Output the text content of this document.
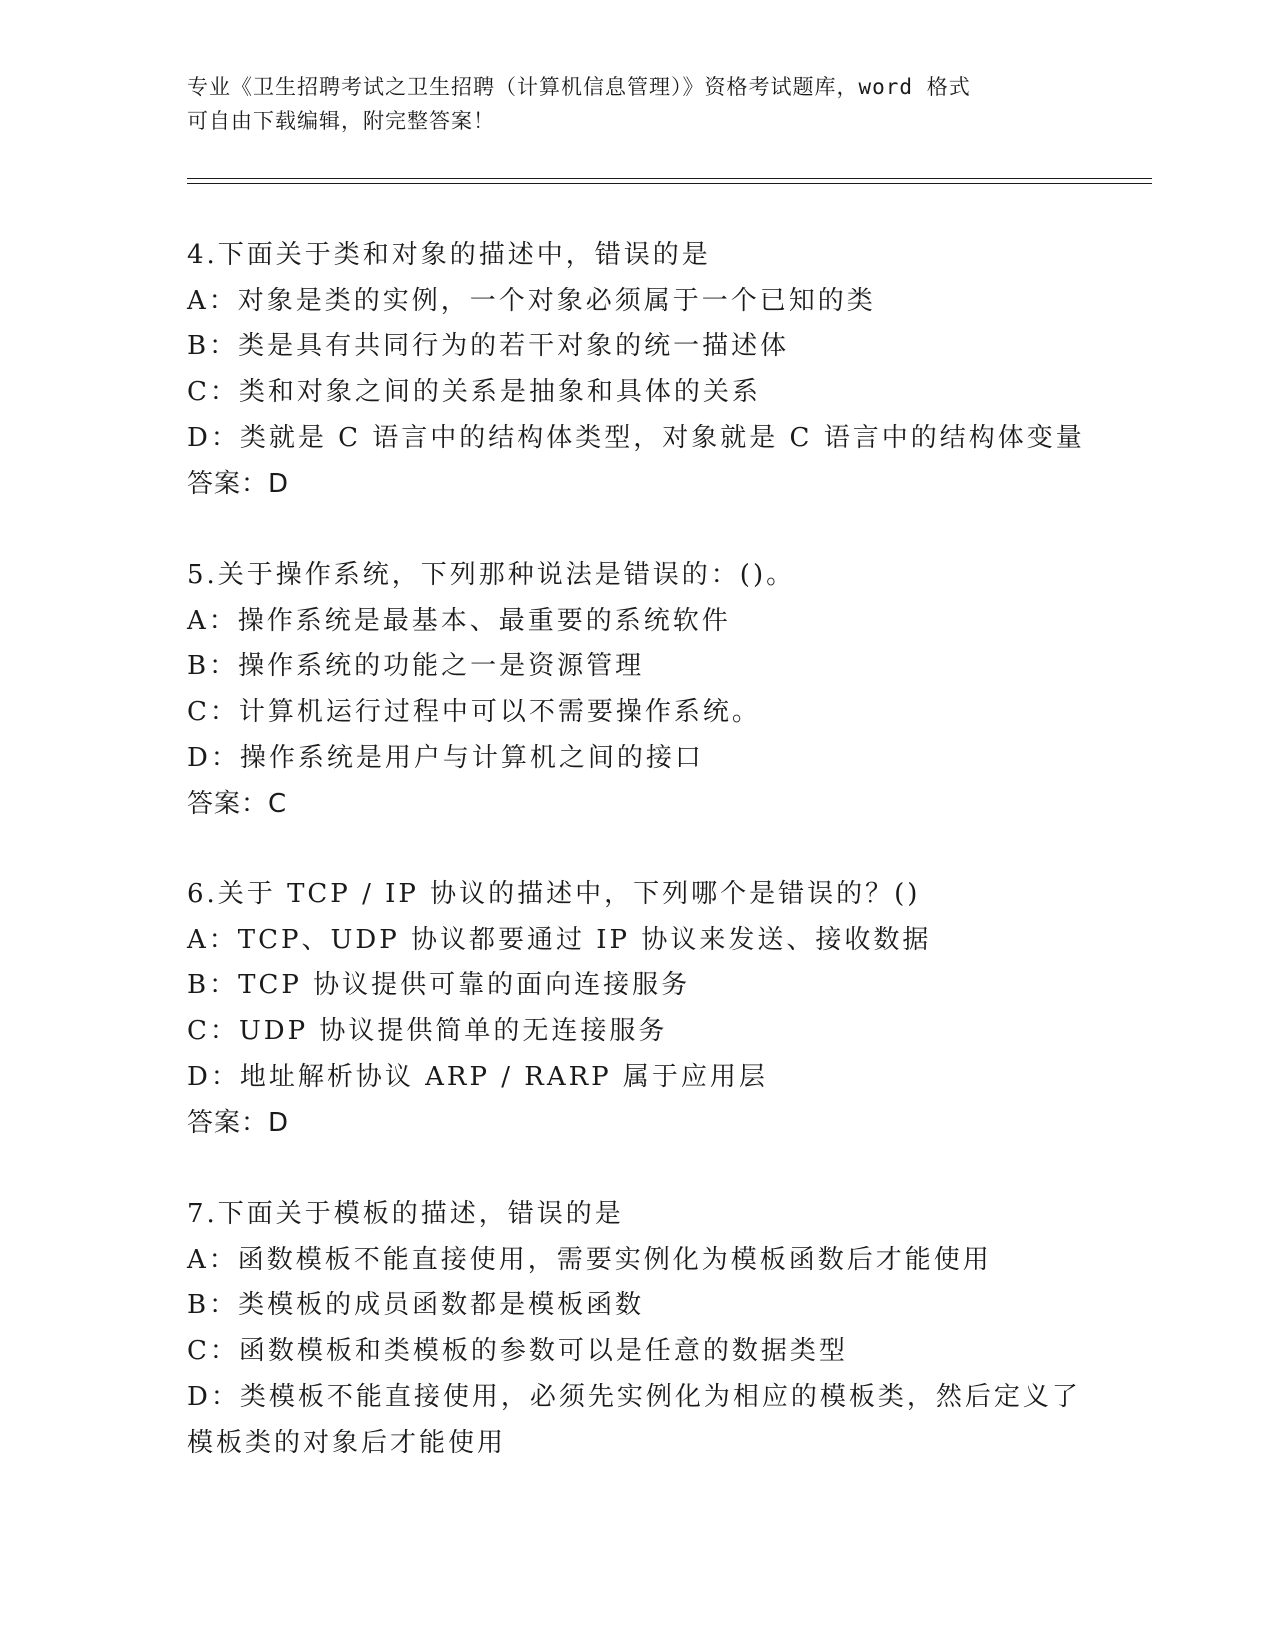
专业《卫生招聘考试之卫生招聘（计算机信息管理）》资格考试题库，word 格式
可自由下载编辑，附完整答案！
4.下面关于类和对象的描述中，错误的是
A：对象是类的实例，一个对象必须属于一个已知的类
B：类是具有共同行为的若干对象的统一描述体
C：类和对象之间的关系是抽象和具体的关系
D：类就是 C 语言中的结构体类型，对象就是 C 语言中的结构体变量
答案：D
5.关于操作系统，下列那种说法是错误的：()。
A：操作系统是最基本、最重要的系统软件
B：操作系统的功能之一是资源管理
C：计算机运行过程中可以不需要操作系统。
D：操作系统是用户与计算机之间的接口
答案：C
6.关于 TCP / IP 协议的描述中，下列哪个是错误的？()
A：TCP、UDP 协议都要通过 IP 协议来发送、接收数据
B：TCP 协议提供可靠的面向连接服务
C：UDP 协议提供简单的无连接服务
D：地址解析协议 ARP / RARP 属于应用层
答案：D
7.下面关于模板的描述，错误的是
A：函数模板不能直接使用，需要实例化为模板函数后才能使用
B：类模板的成员函数都是模板函数
C：函数模板和类模板的参数可以是任意的数据类型
D：类模板不能直接使用，必须先实例化为相应的模板类，然后定义了模板类的对象后才能使用
